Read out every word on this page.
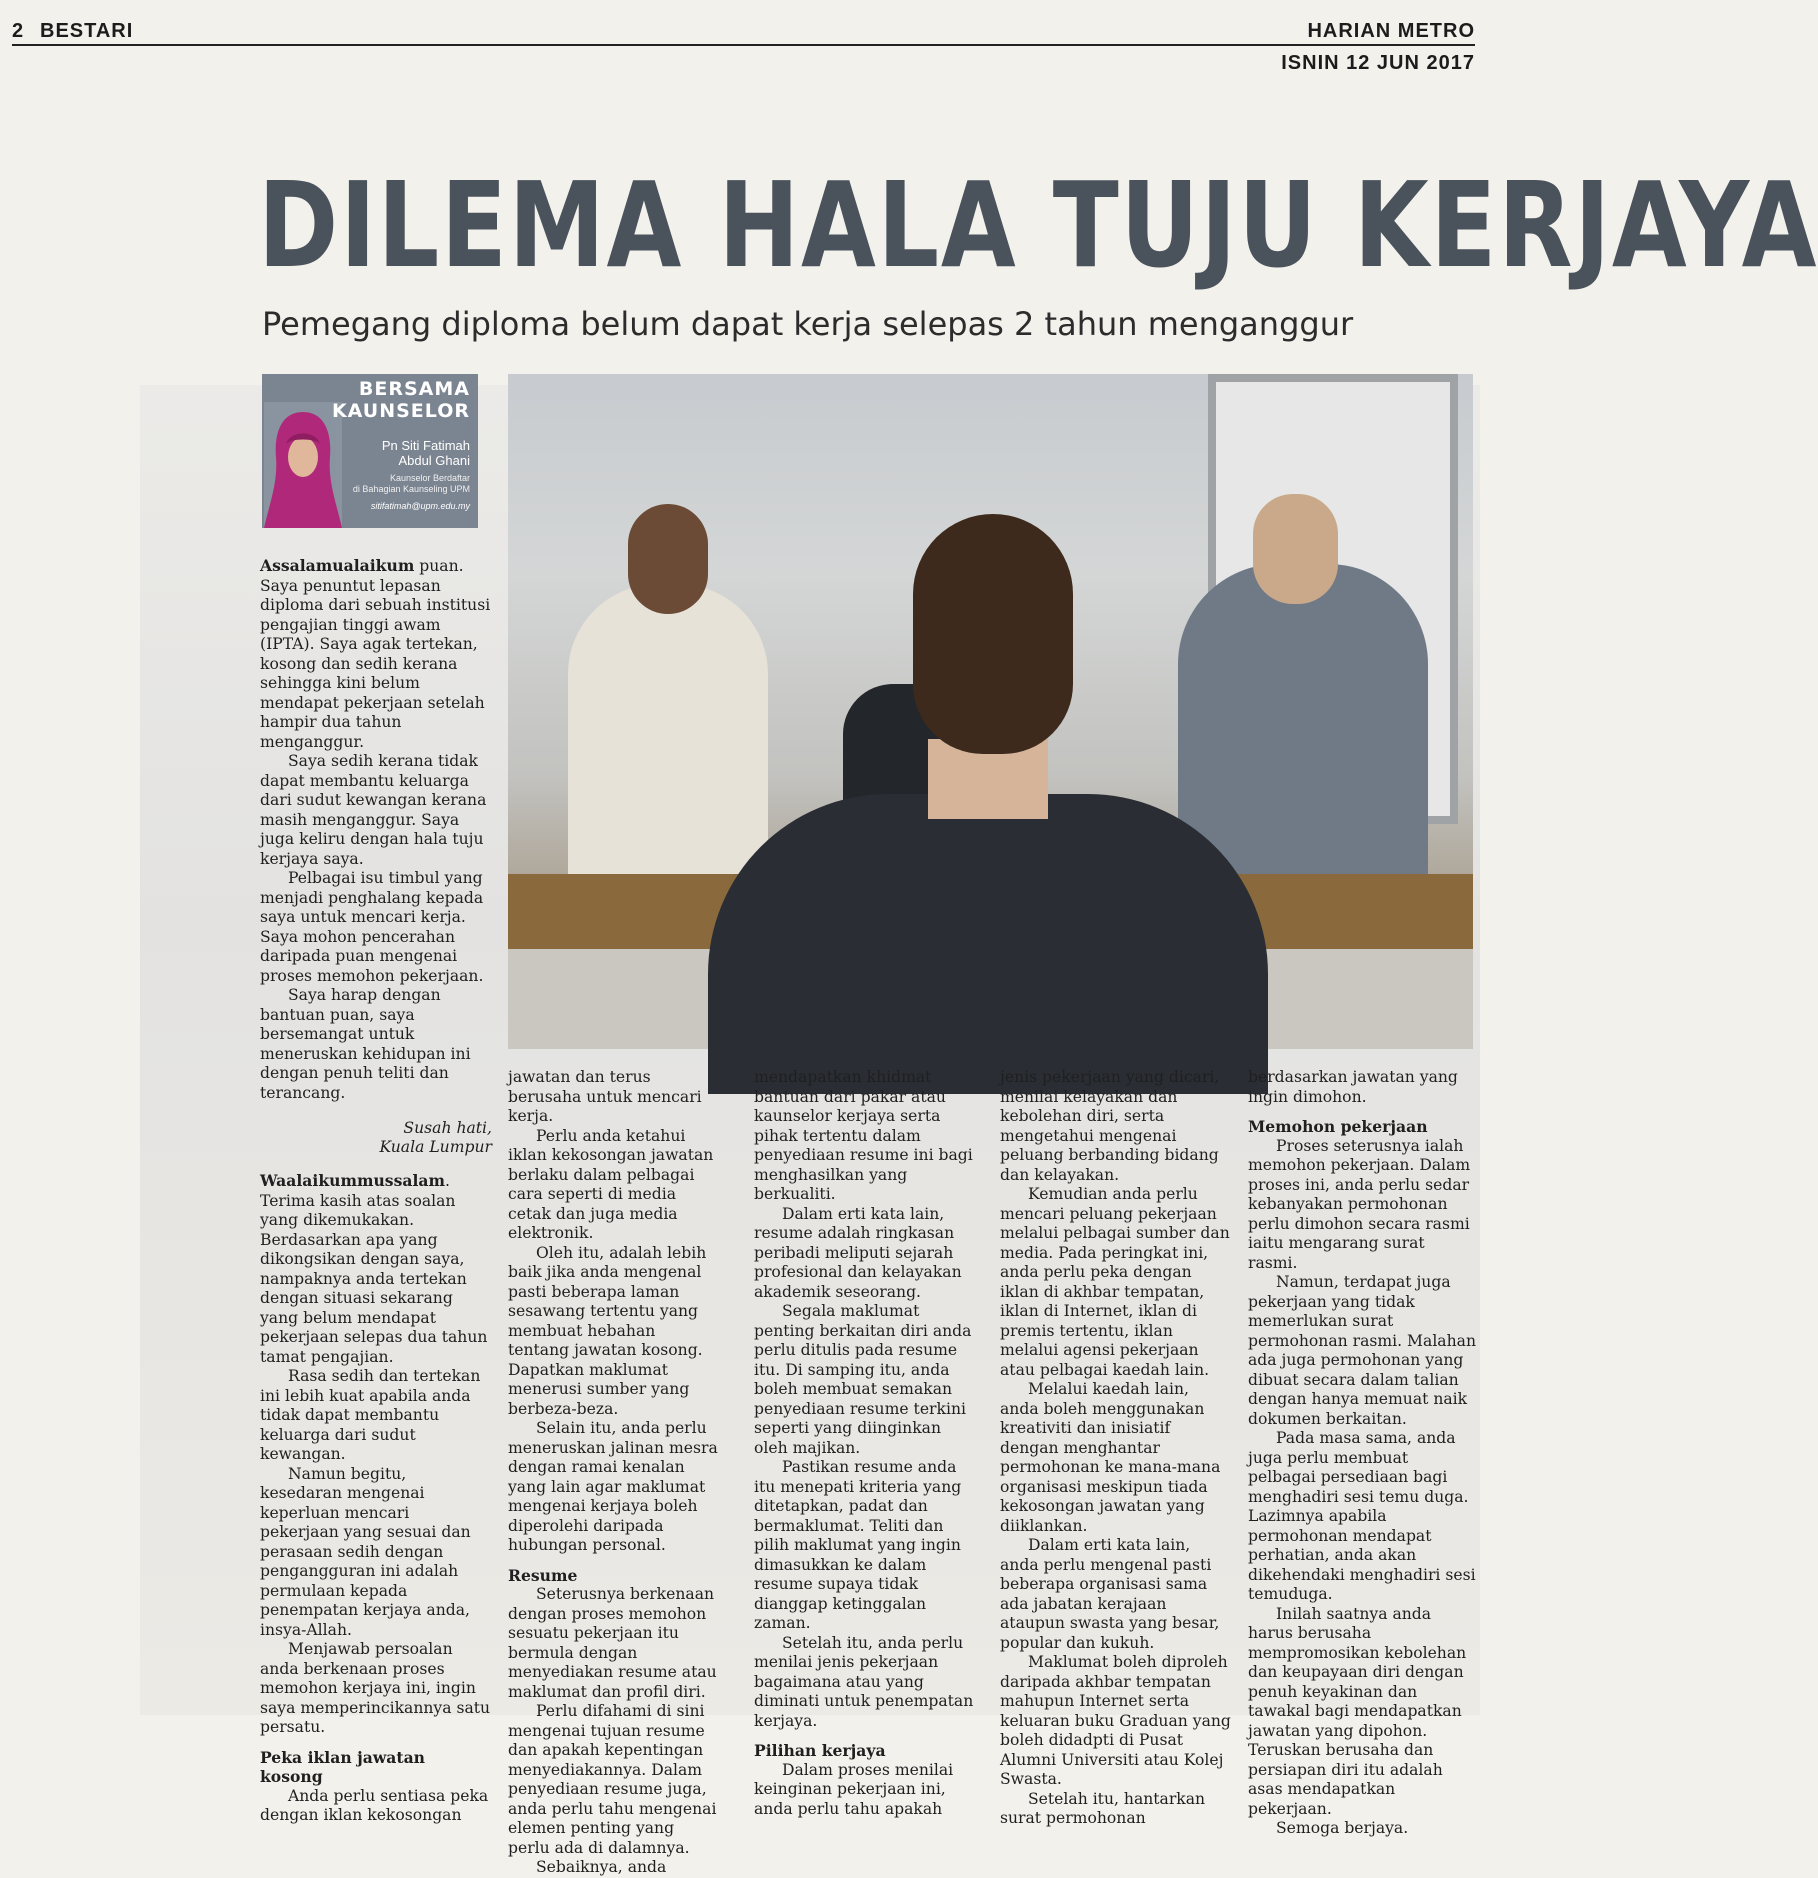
2 BESTARI	HARIAN METRO
ISNIN 12 JUN 2017
DILEMA HALA TUJU KERJAYA
Pemegang diploma belum dapat kerja selepas 2 tahun menganggur
BERSAMA
KAUNSELOR
Pn Siti Fatimah
Abdul Ghani
Kaunselor Berdaftar
di Bahagian Kaunseling UPM
sitifatimah@upm.edu.my

Assalamualaikum puan. Saya penuntut lepasan diploma dari sebuah institusi pengajian tinggi awam (IPTA). Saya agak tertekan, kosong dan sedih kerana sehingga kini belum mendapat pekerjaan setelah hampir dua tahun menganggur.

Saya sedih kerana tidak dapat membantu keluarga dari sudut kewangan kerana masih menganggur. Saya juga keliru dengan hala tuju kerjaya saya.

Pelbagai isu timbul yang menjadi penghalang kepada saya untuk mencari kerja. Saya mohon pencerahan daripada puan mengenai proses memohon pekerjaan.

Saya harap dengan bantuan puan, saya bersemangat untuk meneruskan kehidupan ini dengan penuh teliti dan terancang.

Susah hati,
Kuala Lumpur

Waalaikummussalam. Terima kasih atas soalan yang dikemukakan. Berdasarkan apa yang dikongsikan dengan saya, nampaknya anda tertekan dengan situasi sekarang yang belum mendapat pekerjaan selepas dua tahun tamat pengajian.

Rasa sedih dan tertekan ini lebih kuat apabila anda tidak dapat membantu keluarga dari sudut kewangan.

Namun begitu, kesedaran mengenai keperluan mencari pekerjaan yang sesuai dan perasaan sedih dengan pengangguran ini adalah permulaan kepada penempatan kerjaya anda, insya-Allah.

Menjawab persoalan anda berkenaan proses memohon kerjaya ini, ingin saya memperincikannya satu persatu.

Peka iklan jawatan kosong

Anda perlu sentiasa peka dengan iklan kekosongan

jawatan dan terus berusaha untuk mencari kerja.

Perlu anda ketahui iklan kekosongan jawatan berlaku dalam pelbagai cara seperti di media cetak dan juga media elektronik.

Oleh itu, adalah lebih baik jika anda mengenal pasti beberapa laman sesawang tertentu yang membuat hebahan tentang jawatan kosong. Dapatkan maklumat menerusi sumber yang berbeza-beza.

Selain itu, anda perlu meneruskan jalinan mesra dengan ramai kenalan yang lain agar maklumat mengenai kerjaya boleh diperolehi daripada hubungan personal.

Resume

Seterusnya berkenaan dengan proses memohon sesuatu pekerjaan itu bermula dengan menyediakan resume atau maklumat dan profil diri.

Perlu difahami di sini mengenai tujuan resume dan apakah kepentingan menyediakannya. Dalam penyediaan resume juga, anda perlu tahu mengenai elemen penting yang perlu ada di dalamnya.

Sebaiknya, anda

mendapatkan khidmat bantuan dari pakar atau kaunselor kerjaya serta pihak tertentu dalam penyediaan resume ini bagi menghasilkan yang berkualiti.

Dalam erti kata lain, resume adalah ringkasan peribadi meliputi sejarah profesional dan kelayakan akademik seseorang.

Segala maklumat penting berkaitan diri anda perlu ditulis pada resume itu. Di samping itu, anda boleh membuat semakan penyediaan resume terkini seperti yang diinginkan oleh majikan.

Pastikan resume anda itu menepati kriteria yang ditetapkan, padat dan bermaklumat. Teliti dan pilih maklumat yang ingin dimasukkan ke dalam resume supaya tidak dianggap ketinggalan zaman.

Setelah itu, anda perlu menilai jenis pekerjaan bagaimana atau yang diminati untuk penempatan kerjaya.

Pilihan kerjaya

Dalam proses menilai keinginan pekerjaan ini, anda perlu tahu apakah

jenis pekerjaan yang dicari, menilai kelayakan dan kebolehan diri, serta mengetahui mengenai peluang berbanding bidang dan kelayakan.

Kemudian anda perlu mencari peluang pekerjaan melalui pelbagai sumber dan media. Pada peringkat ini, anda perlu peka dengan iklan di akhbar tempatan, iklan di Internet, iklan di premis tertentu, iklan melalui agensi pekerjaan atau pelbagai kaedah lain.

Melalui kaedah lain, anda boleh menggunakan kreativiti dan inisiatif dengan menghantar permohonan ke mana-mana organisasi meskipun tiada kekosongan jawatan yang diiklankan.

Dalam erti kata lain, anda perlu mengenal pasti beberapa organisasi sama ada jabatan kerajaan ataupun swasta yang besar, popular dan kukuh.

Maklumat boleh diproleh daripada akhbar tempatan mahupun Internet serta keluaran buku Graduan yang boleh didadpti di Pusat Alumni Universiti atau Kolej Swasta.

Setelah itu, hantarkan surat permohonan

berdasarkan jawatan yang ingin dimohon.

Memohon pekerjaan

Proses seterusnya ialah memohon pekerjaan. Dalam proses ini, anda perlu sedar kebanyakan permohonan perlu dimohon secara rasmi iaitu mengarang surat rasmi.

Namun, terdapat juga pekerjaan yang tidak memerlukan surat permohonan rasmi. Malahan ada juga permohonan yang dibuat secara dalam talian dengan hanya memuat naik dokumen berkaitan.

Pada masa sama, anda juga perlu membuat pelbagai persediaan bagi menghadiri sesi temu duga. Lazimnya apabila permohonan mendapat perhatian, anda akan dikehendaki menghadiri sesi temuduga.

Inilah saatnya anda harus berusaha mempromosikan kebolehan dan keupayaan diri dengan penuh keyakinan dan tawakal bagi mendapatkan jawatan yang dipohon. Teruskan berusaha dan persiapan diri itu adalah asas mendapatkan pekerjaan.

Semoga berjaya.
